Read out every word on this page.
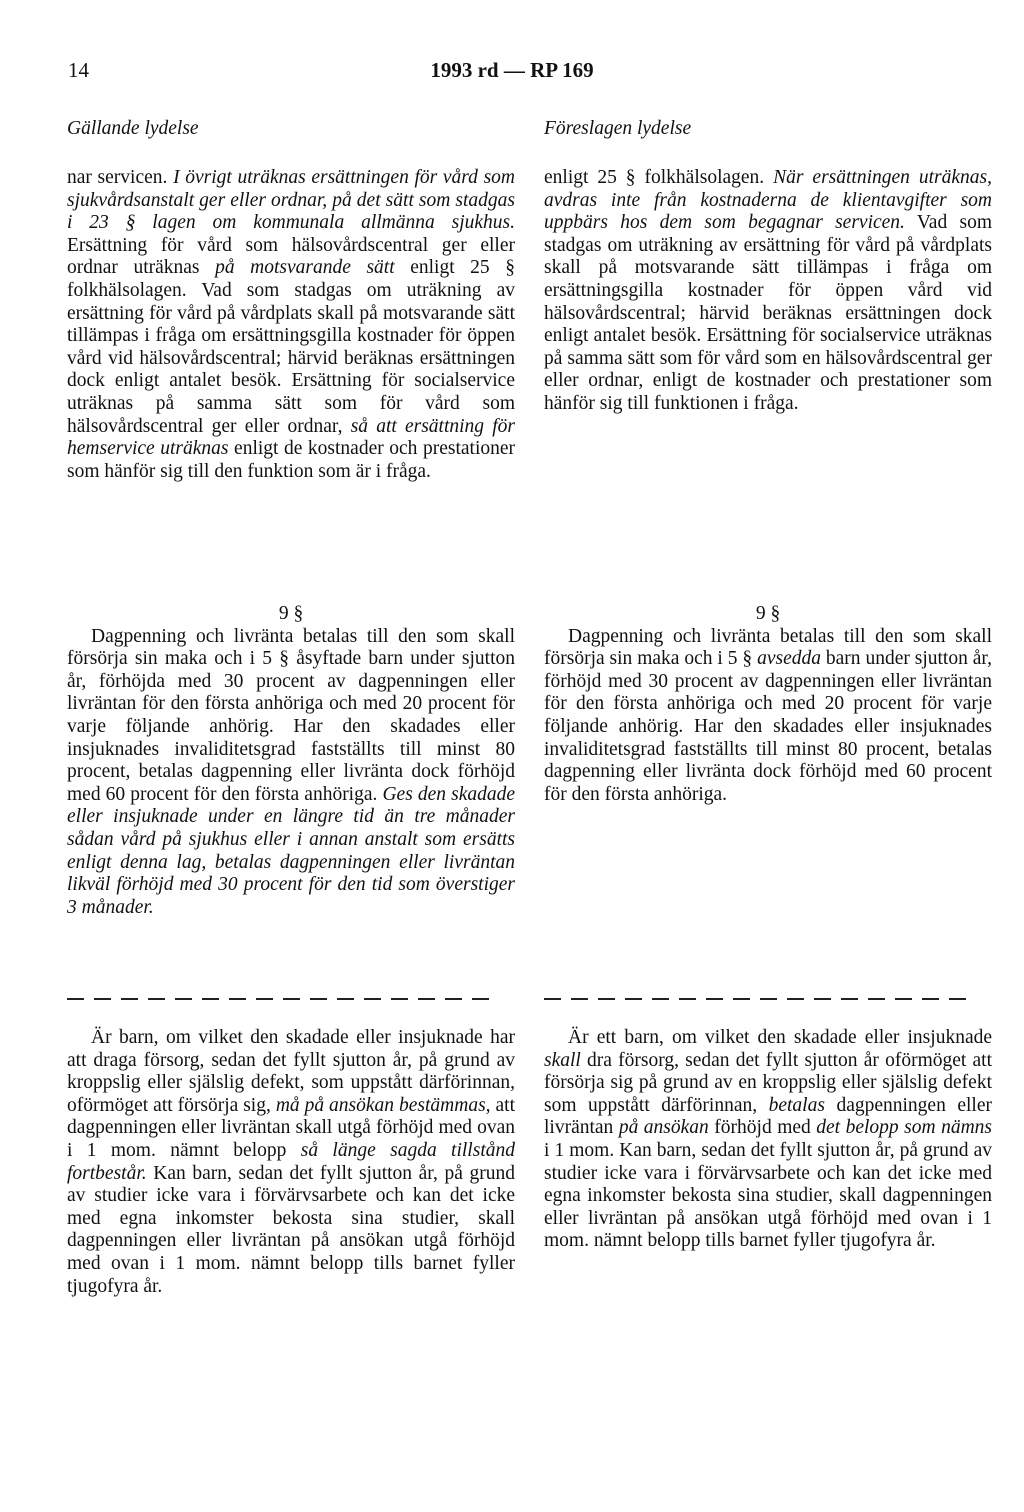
14	1993 rd — RP 169
Gällande lydelse	Föreslagen lydelse

nar servicen. I övrigt uträknas ersättningen för vård som sjukvårdsanstalt ger eller ordnar, på det sätt som stadgas i 23 § lagen om kommunala allmänna sjukhus. Ersättning för vård som hälsovårdscentral ger eller ordnar uträknas på motsvarande sätt enligt 25 § folkhälsolagen. Vad som stadgas om uträkning av ersättning för vård på vårdplats skall på motsvarande sätt tillämpas i fråga om ersättningsgilla kostnader för öppen vård vid hälsovårdscentral; härvid beräknas ersättningen dock enligt antalet besök. Ersättning för socialservice uträknas på samma sätt som för vård som hälsovårdscentral ger eller ordnar, så att ersättning för hemservice uträknas enligt de kostnader och prestationer som hänför sig till den funktion som är i fråga.

9 §

Dagpenning och livränta betalas till den som skall försörja sin maka och i 5 § åsyftade barn under sjutton år, förhöjda med 30 procent av dagpenningen eller livräntan för den första anhöriga och med 20 procent för varje följande anhörig. Har den skadades eller insjuknades invaliditetsgrad fastställts till minst 80 procent, betalas dagpenning eller livränta dock förhöjd med 60 procent för den första anhöriga. Ges den skadade eller insjuknade under en längre tid än tre månader sådan vård på sjukhus eller i annan anstalt som ersätts enligt denna lag, betalas dagpenningen eller livräntan likväl förhöjd med 30 procent för den tid som överstiger 3 månader.

Är barn, om vilket den skadade eller insjuknade har att draga försorg, sedan det fyllt sjutton år, på grund av kroppslig eller själslig defekt, som uppstått därförinnan, oförmöget att försörja sig, må på ansökan bestämmas, att dagpenningen eller livräntan skall utgå förhöjd med ovan i 1 mom. nämnt belopp så länge sagda tillstånd fortbestår. Kan barn, sedan det fyllt sjutton år, på grund av studier icke vara i förvärvsarbete och kan det icke med egna inkomster bekosta sina studier, skall dagpenningen eller livräntan på ansökan utgå förhöjd med ovan i 1 mom. nämnt belopp tills barnet fyller tjugofyra år.

enligt 25 § folkhälsolagen. När ersättningen uträknas, avdras inte från kostnaderna de klientavgifter som uppbärs hos dem som begagnar servicen. Vad som stadgas om uträkning av ersättning för vård på vårdplats skall på motsvarande sätt tillämpas i fråga om ersättningsgilla kostnader för öppen vård vid hälsovårdscentral; härvid beräknas ersättningen dock enligt antalet besök. Ersättning för socialservice uträknas på samma sätt som för vård som en hälsovårdscentral ger eller ordnar, enligt de kostnader och prestationer som hänför sig till funktionen i fråga.

9 §

Dagpenning och livränta betalas till den som skall försörja sin maka och i 5 § avsedda barn under sjutton år, förhöjd med 30 procent av dagpenningen eller livräntan för den första anhöriga och med 20 procent för varje följande anhörig. Har den skadades eller insjuknades invaliditetsgrad fastställts till minst 80 procent, betalas dagpenning eller livränta dock förhöjd med 60 procent för den första anhöriga.

Är ett barn, om vilket den skadade eller insjuknade skall dra försorg, sedan det fyllt sjutton år oförmöget att försörja sig på grund av en kroppslig eller själslig defekt som uppstått därförinnan, betalas dagpenningen eller livräntan på ansökan förhöjd med det belopp som nämns i 1 mom. Kan barn, sedan det fyllt sjutton år, på grund av studier icke vara i förvärvsarbete och kan det icke med egna inkomster bekosta sina studier, skall dagpenningen eller livräntan på ansökan utgå förhöjd med ovan i 1 mom. nämnt belopp tills barnet fyller tjugofyra år.
